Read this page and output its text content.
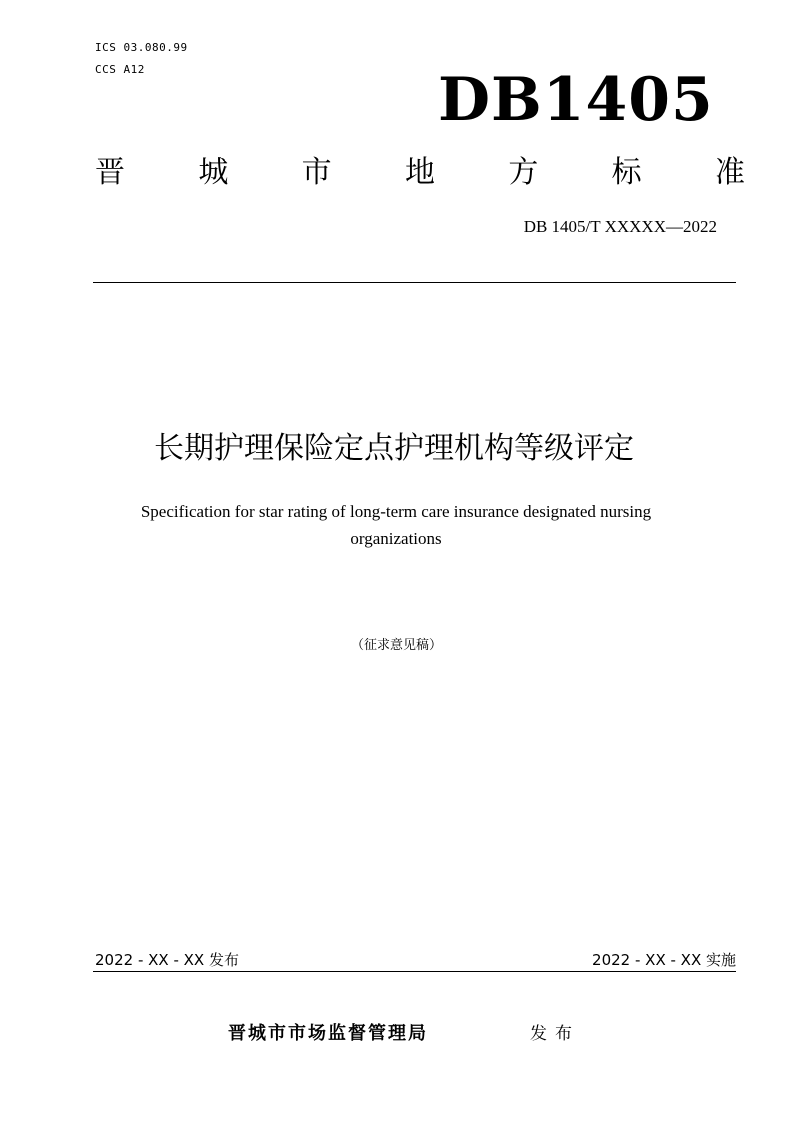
ICS 03.080.99
CCS A12	DB1405
晋 城 市 地 方 标 准
DB 1405/T XXXXX—2022
长期护理保险定点护理机构等级评定
Specification for star rating of long-term care insurance designated nursing organizations
（征求意见稿）
2022 - XX - XX 发布	2022 - XX - XX 实施
晋城市市场监督管理局	发布
